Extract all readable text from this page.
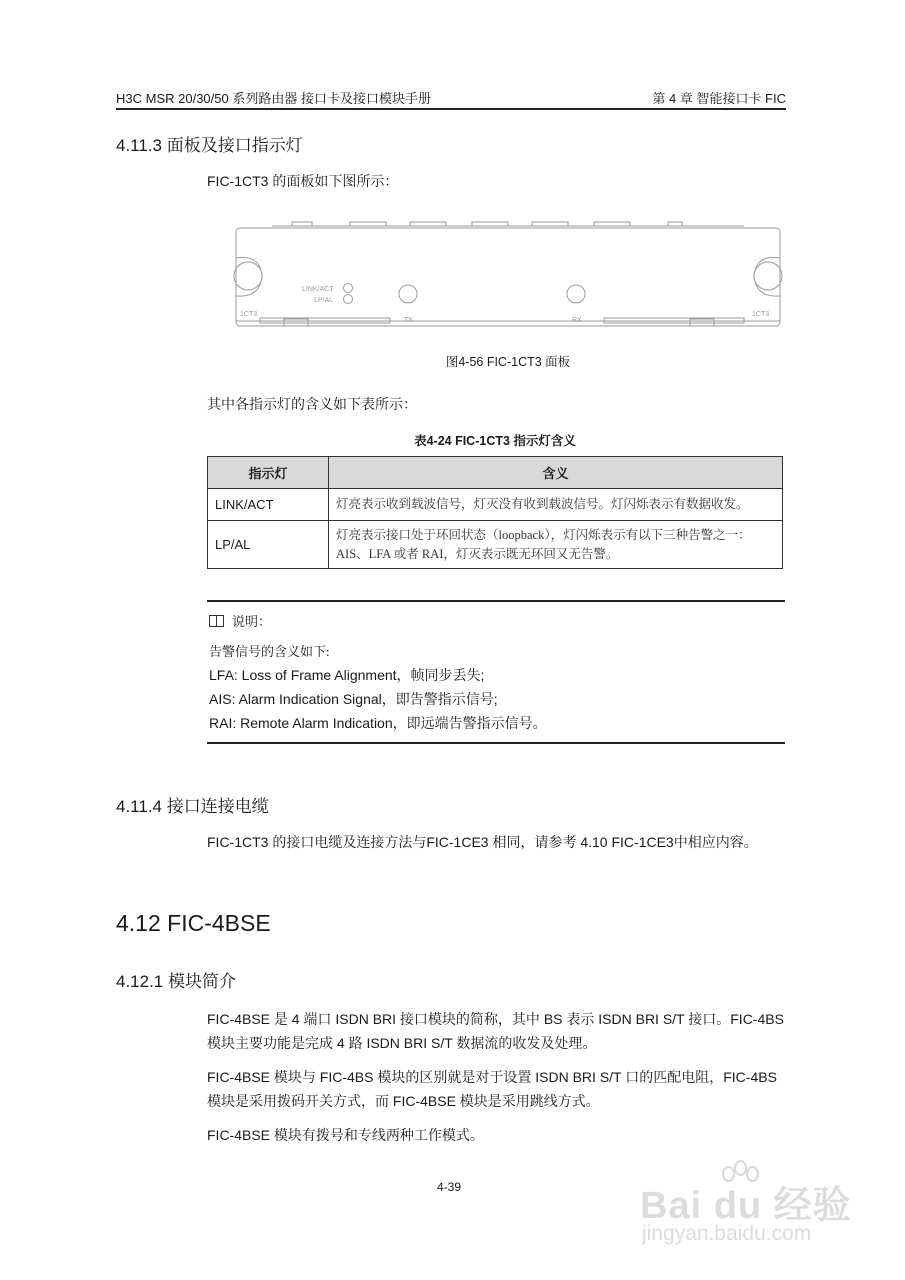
H3C MSR 20/30/50 系列路由器 接口卡及接口模块手册	第 4 章 智能接口卡 FIC
4.11.3 面板及接口指示灯
FIC-1CT3 的面板如下图所示：
1CT3	1CT3
LINK/ACT
LP/AL
TX	RX
图4-56 FIC-1CT3 面板
其中各指示灯的含义如下表所示：
表4-24 FIC-1CT3 指示灯含义
指示灯	含义
LINK/ACT	灯亮表示收到载波信号，灯灭没有收到载波信号。灯闪烁表示有数据收发。
LP/AL	灯亮表示接口处于环回状态（loopback），灯闪烁表示有以下三种告警之一：AIS、LFA 或者 RAI，灯灭表示既无环回又无告警。
说明：
告警信号的含义如下:
LFA: Loss of Frame Alignment，帧同步丢失;
AIS: Alarm Indication Signal，即告警指示信号;
RAI: Remote Alarm Indication，即远端告警指示信号。
4.11.4 接口连接电缆
FIC-1CT3 的接口电缆及连接方法与FIC-1CE3 相同，请参考 4.10 FIC-1CE3中相应内容。
4.12 FIC-4BSE
4.12.1 模块简介
FIC-4BSE 是 4 端口 ISDN BRI 接口模块的简称，其中 BS 表示 ISDN BRI S/T 接口。FIC-4BS 模块主要功能是完成 4 路 ISDN BRI S/T 数据流的收发及处理。
FIC-4BSE 模块与 FIC-4BS 模块的区别就是对于设置 ISDN BRI S/T 口的匹配电阻，FIC-4BS 模块是采用拨码开关方式，而 FIC-4BSE 模块是采用跳线方式。
FIC-4BSE 模块有拨号和专线两种工作模式。
4-39	Bai du 经验
jingyan.baidu.com
